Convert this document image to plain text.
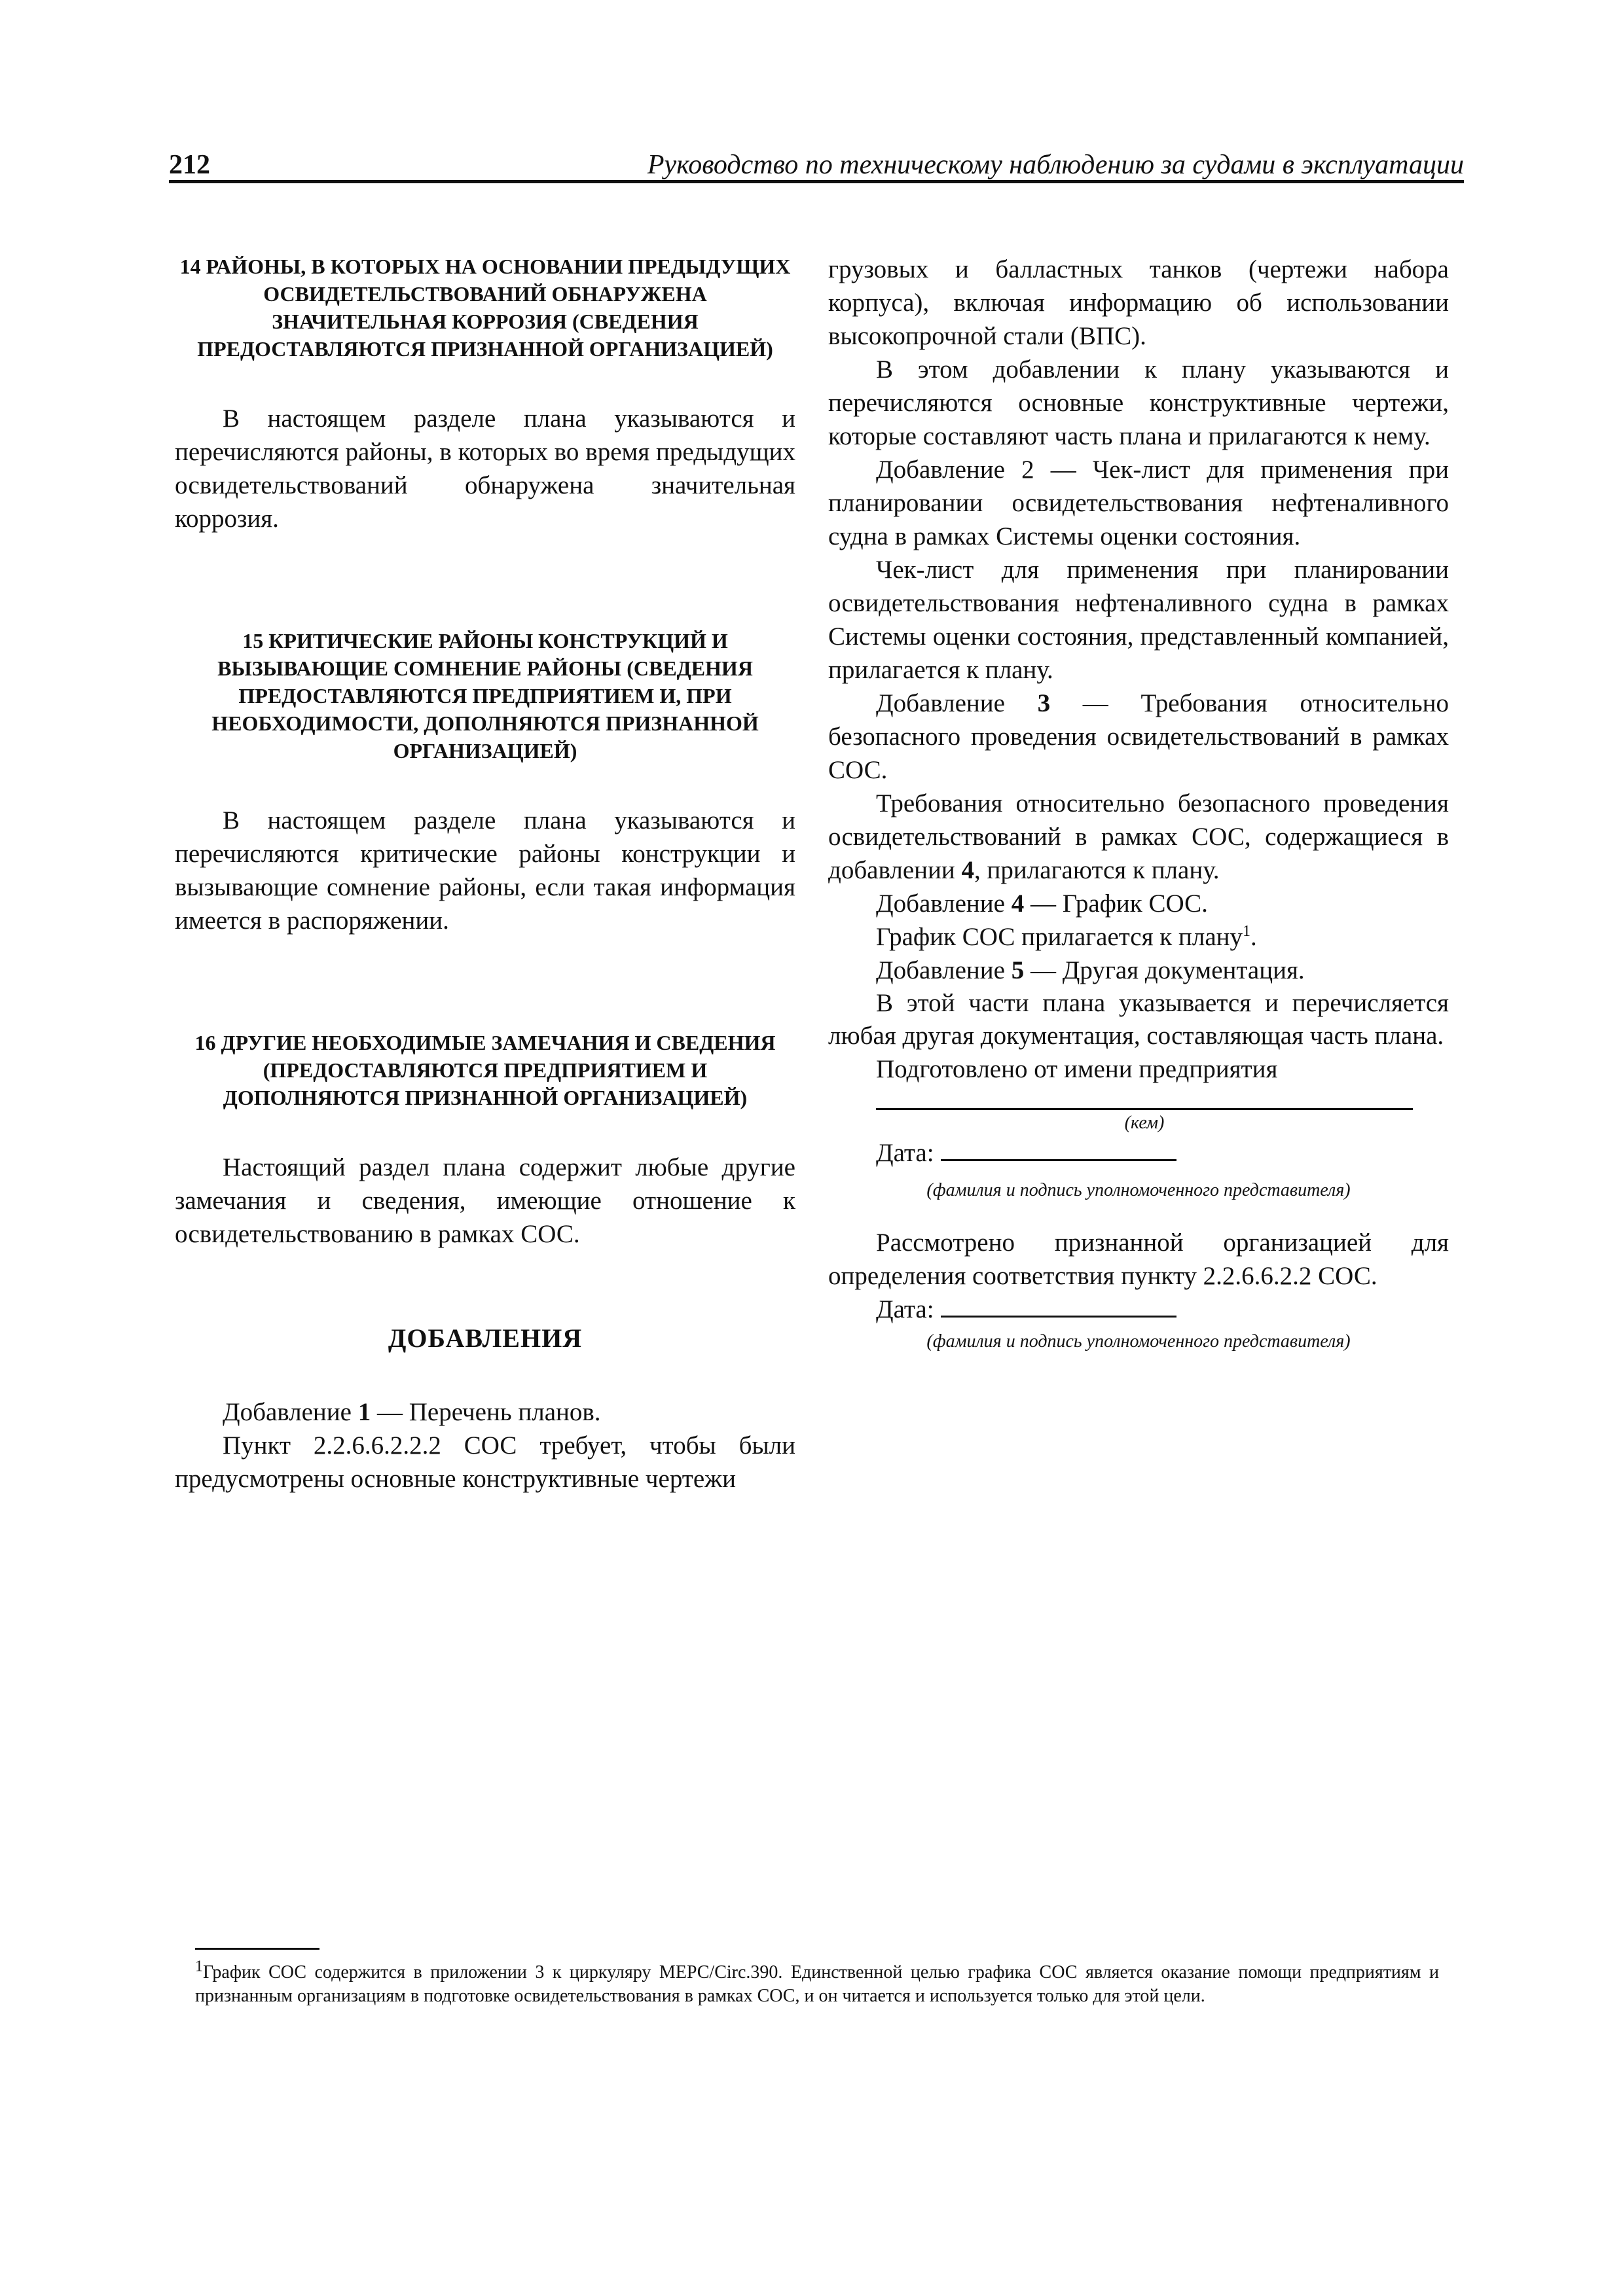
212	Руководство по техническому наблюдению за судами в эксплуатации

14 РАЙОНЫ, В КОТОРЫХ НА ОСНОВАНИИ ПРЕДЫДУЩИХ ОСВИДЕТЕЛЬСТВОВАНИЙ ОБНАРУЖЕНА ЗНАЧИТЕЛЬНАЯ КОРРОЗИЯ (СВЕДЕНИЯ ПРЕДОСТАВЛЯЮТСЯ ПРИЗНАННОЙ ОРГАНИЗАЦИЕЙ)

В настоящем разделе плана указываются и перечисляются районы, в которых во время предыдущих освидетельствований обнаружена значительная коррозия.

15 КРИТИЧЕСКИЕ РАЙОНЫ КОНСТРУКЦИЙ И ВЫЗЫВАЮЩИЕ СОМНЕНИЕ РАЙОНЫ (СВЕДЕНИЯ ПРЕДОСТАВЛЯЮТСЯ ПРЕДПРИЯТИЕМ И, ПРИ НЕОБХОДИМОСТИ, ДОПОЛНЯЮТСЯ ПРИЗНАННОЙ ОРГАНИЗАЦИЕЙ)

В настоящем разделе плана указываются и перечисляются критические районы конструкции и вызывающие сомнение районы, если такая информация имеется в распоряжении.

16 ДРУГИЕ НЕОБХОДИМЫЕ ЗАМЕЧАНИЯ И СВЕДЕНИЯ (ПРЕДОСТАВЛЯЮТСЯ ПРЕДПРИЯТИЕМ И ДОПОЛНЯЮТСЯ ПРИЗНАННОЙ ОРГАНИЗАЦИЕЙ)

Настоящий раздел плана содержит любые другие замечания и сведения, имеющие отношение к освидетельствованию в рамках СОС.

ДОБАВЛЕНИЯ

Добавление 1 — Перечень планов.

Пункт 2.2.6.6.2.2.2 СОС требует, чтобы были предусмотрены основные конструктивные чертежи

грузовых и балластных танков (чертежи набора корпуса), включая информацию об использовании высокопрочной стали (ВПС).

В этом добавлении к плану указываются и перечисляются основные конструктивные чертежи, которые составляют часть плана и прилагаются к нему.

Добавление 2 — Чек-лист для применения при планировании освидетельствования нефтеналивного судна в рамках Системы оценки состояния.

Чек-лист для применения при планировании освидетельствования нефтеналивного судна в рамках Системы оценки состояния, представленный компанией, прилагается к плану.

Добавление 3 — Требования относительно безопасного проведения освидетельствований в рамках СОС.

Требования относительно безопасного проведения освидетельствований в рамках СОС, содержащиеся в добавлении 4, прилагаются к плану.

Добавление 4 — График СОС.

График СОС прилагается к плану$^1$.

Добавление 5 — Другая документация.

В этой части плана указывается и перечисляется любая другая документация, составляющая часть плана.

Подготовлено от имени предприятия

(кем)

Дата:

(фамилия и подпись уполномоченного представителя)

Рассмотрено признанной организацией для определения соответствия пункту 2.2.6.6.2.2 СОС.

Дата:

(фамилия и подпись уполномоченного представителя)

$^1$График СОС содержится в приложении 3 к циркуляру МЕРС/Circ.390. Единственной целью графика СОС является оказание помощи предприятиям и признанным организациям в подготовке освидетельствования в рамках СОС, и он читается и используется только для этой цели.
